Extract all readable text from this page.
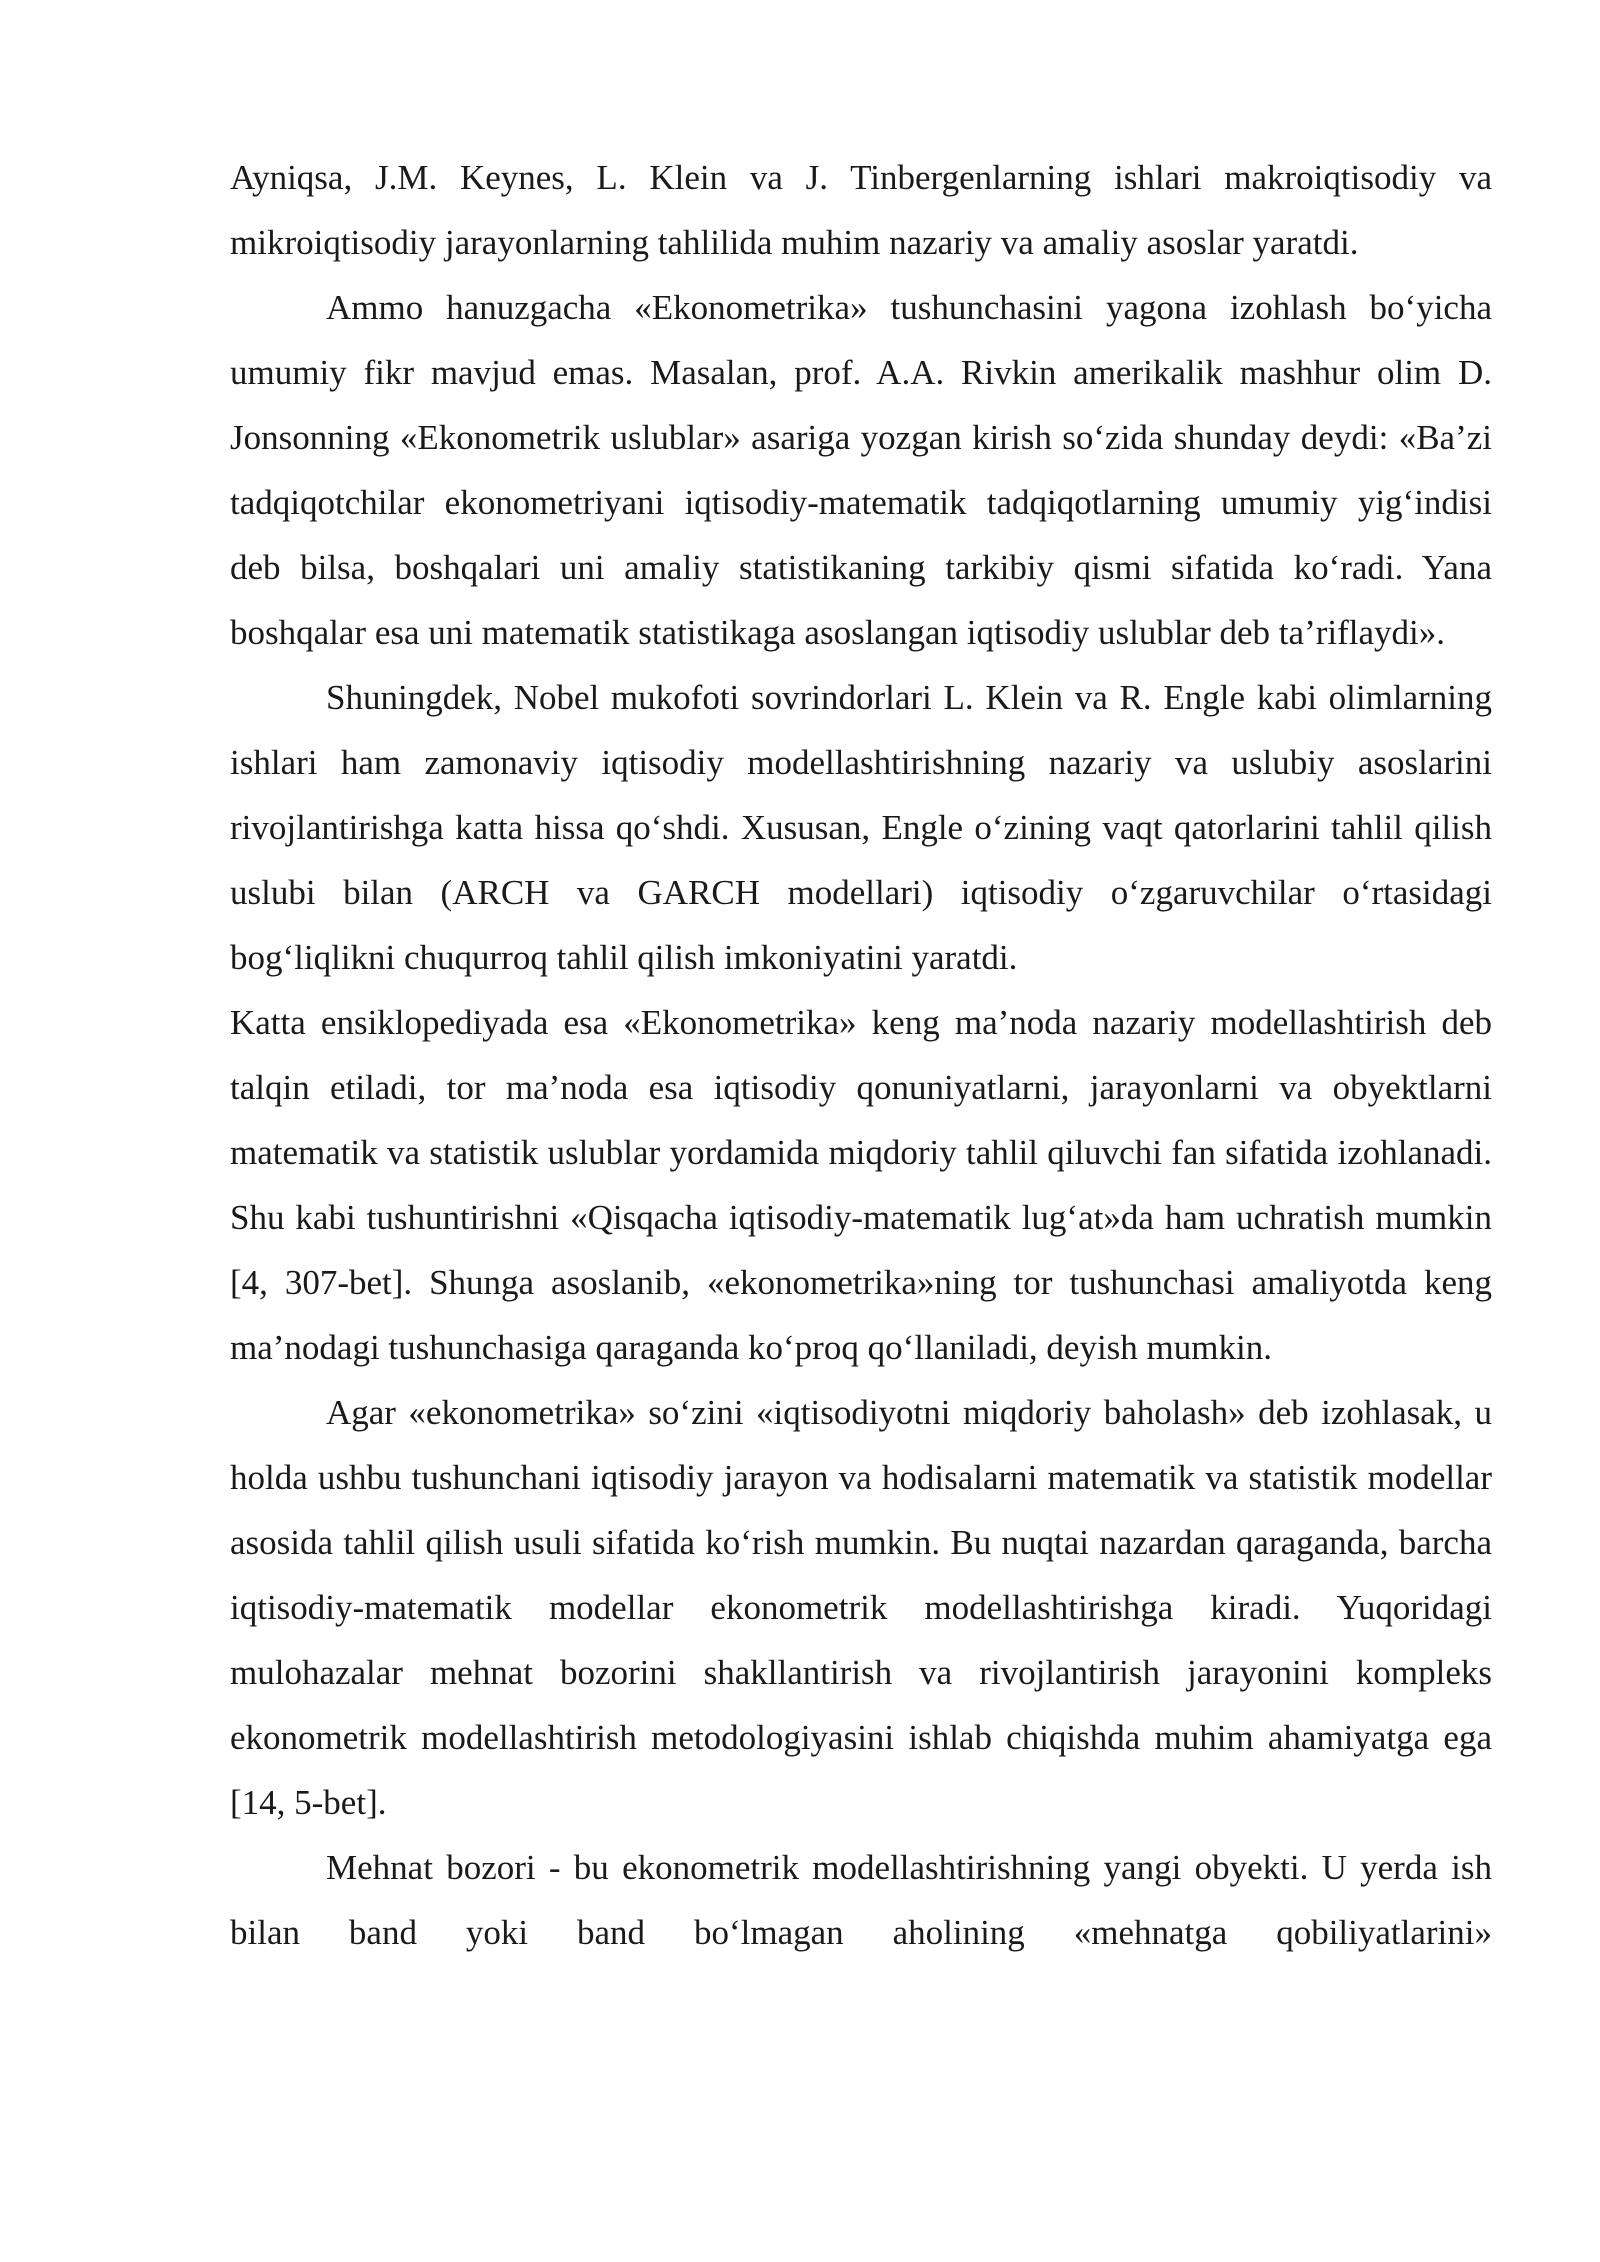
Ayniqsa, J.M. Keynes, L. Klein va J. Tinbergenlarning ishlari makroiqtisodiy va mikroiqtisodiy jarayonlarning tahlilida muhim nazariy va amaliy asoslar yaratdi.

Ammo hanuzgacha «Ekonometrika» tushunchasini yagona izohlash bo‘yicha umumiy fikr mavjud emas. Masalan, prof. A.A. Rivkin amerikalik mashhur olim D. Jonsonning «Ekonometrik uslublar» asariga yozgan kirish so‘zida shunday deydi: «Ba’zi tadqiqotchilar ekonometriyani iqtisodiy-matematik tadqiqotlarning umumiy yig‘indisi deb bilsa, boshqalari uni amaliy statistikaning tarkibiy qismi sifatida ko‘radi. Yana boshqalar esa uni matematik statistikaga asoslangan iqtisodiy uslublar deb ta’riflaydi».

Shuningdek, Nobel mukofoti sovrindorlari L. Klein va R. Engle kabi olimlarning ishlari ham zamonaviy iqtisodiy modellashtirishning nazariy va uslubiy asoslarini rivojlantirishga katta hissa qo‘shdi. Xususan, Engle o‘zining vaqt qatorlarini tahlil qilish uslubi bilan (ARCH va GARCH modellari) iqtisodiy o‘zgaruvchilar o‘rtasidagi bog‘liqlikni chuqurroq tahlil qilish imkoniyatini yaratdi.

Katta ensiklopediyada esa «Ekonometrika» keng ma’noda nazariy modellashtirish deb talqin etiladi, tor ma’noda esa iqtisodiy qonuniyatlarni, jarayonlarni va obyektlarni matematik va statistik uslublar yordamida miqdoriy tahlil qiluvchi fan sifatida izohlanadi. Shu kabi tushuntirishni «Qisqacha iqtisodiy-matematik lug‘at»da ham uchratish mumkin [4, 307-bet]. Shunga asoslanib, «ekonometrika»ning tor tushunchasi amaliyotda keng ma’nodagi tushunchasiga qaraganda ko‘proq qo‘llaniladi, deyish mumkin.

Agar «ekonometrika» so‘zini «iqtisodiyotni miqdoriy baholash» deb izohlasak, u holda ushbu tushunchani iqtisodiy jarayon va hodisalarni matematik va statistik modellar asosida tahlil qilish usuli sifatida ko‘rish mumkin. Bu nuqtai nazardan qaraganda, barcha iqtisodiy-matematik modellar ekonometrik modellashtirishga kiradi. Yuqoridagi mulohazalar mehnat bozorini shakllantirish va rivojlantirish jarayonini kompleks ekonometrik modellashtirish metodologiyasini ishlab chiqishda muhim ahamiyatga ega [14, 5-bet].

Mehnat bozori - bu ekonometrik modellashtirishning yangi obyekti. U yerda ish bilan band yoki band bo‘lmagan aholining «mehnatga qobiliyatlarini»
